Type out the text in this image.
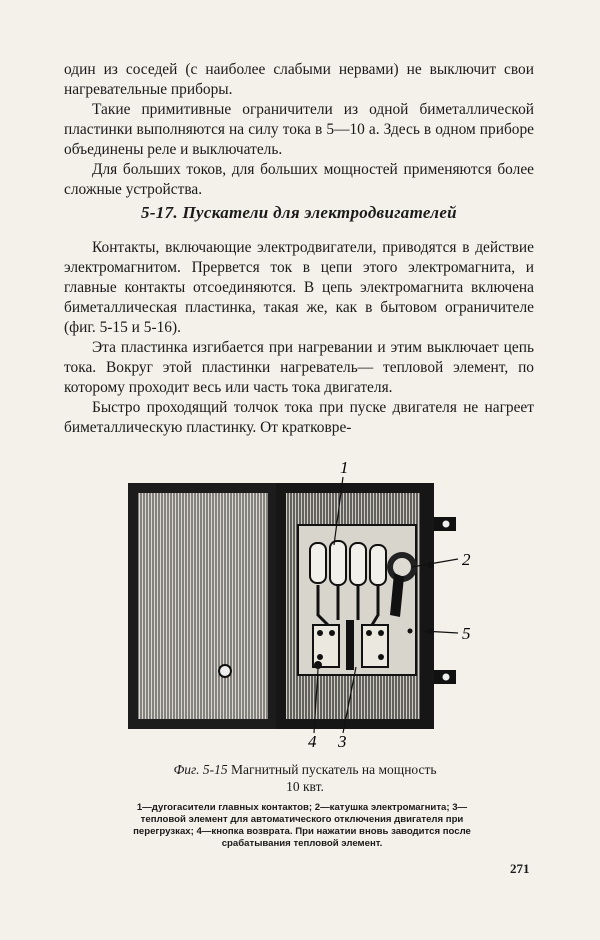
один из соседей (с наиболее слабыми нервами) не выключит свои нагревательные приборы.

Такие примитивные ограничители из одной биметаллической пластинки выполняются на силу тока в 5—10 а. Здесь в одном приборе объединены реле и выключатель.

Для больших токов, для больших мощностей применяются более сложные устройства.

5-17. Пускатели для электродвигателей

Контакты, включающие электродвигатели, приводятся в действие электромагнитом. Прервется ток в цепи этого электромагнита, и главные контакты отсоединяются. В цепь электромагнита включена биметаллическая пластинка, такая же, как в бытовом ограничителе (фиг. 5-15 и 5-16).

Эта пластинка изгибается при нагревании и этим выключает цепь тока. Вокруг этой пластинки нагреватель— тепловой элемент, по которому проходит весь или часть тока двигателя.

Быстро проходящий толчок тока при пуске двигателя не нагреет биметаллическую пластинку. От кратковре-

1
2
5
4 3
Фиг. 5-15 Магнитный пускатель на мощность
10 квт.

1—дугогасители главных контактов; 2—катушка электромагнита; 3—тепловой элемент для автоматического отключения двигателя при перегрузках; 4—кнопка возврата. При нажатии вновь заводится после срабатывания тепловой элемент.

271
